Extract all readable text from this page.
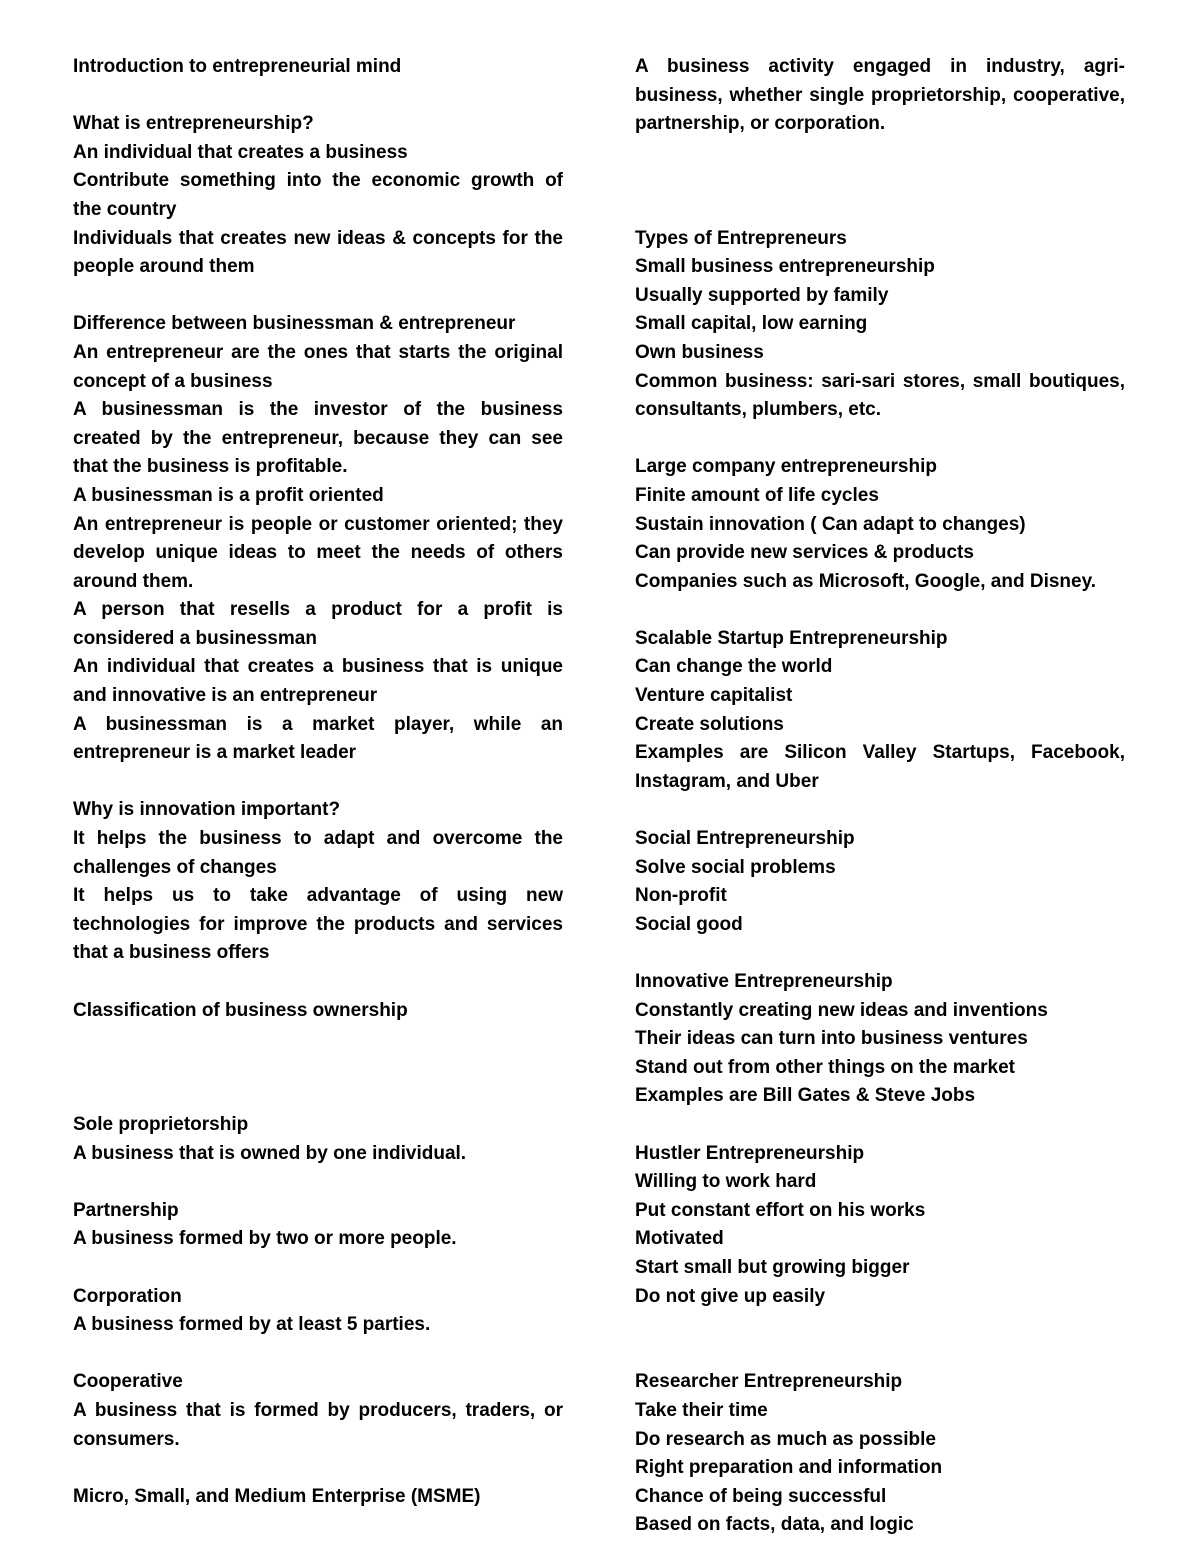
Introduction to entrepreneurial mind
What is entrepreneurship?
An individual that creates a business
Contribute something into the economic growth of the country
Individuals that creates new ideas & concepts for the people around them
Difference between businessman & entrepreneur
An entrepreneur are the ones that starts the original concept of a business
A businessman is the investor of the business created by the entrepreneur, because they can see that the business is profitable.
A businessman is a profit oriented
An entrepreneur is people or customer oriented; they develop unique ideas to meet the needs of others around them.
A person that resells a product for a profit is considered a businessman
An individual that creates a business that is unique and innovative is an entrepreneur
A businessman is a market player, while an entrepreneur is a market leader
Why is innovation important?
It helps the business to adapt and overcome the challenges of changes
It helps us to take advantage of using new technologies for improve the products and services that a business offers
Classification of business ownership
Sole proprietorship
A business that is owned by one individual.
Partnership
A business formed by two or more people.
Corporation
A business formed by at least 5 parties.
Cooperative
A business that is formed by producers, traders, or consumers.
Micro, Small, and Medium Enterprise (MSME)
A business activity engaged in industry, agri-business, whether single proprietorship, cooperative, partnership, or corporation.
Types of Entrepreneurs
Small business entrepreneurship
Usually supported by family
Small capital, low earning
Own business
Common business: sari-sari stores, small boutiques, consultants, plumbers, etc.
Large company entrepreneurship
Finite amount of life cycles
Sustain innovation ( Can adapt to changes)
Can provide new services & products
Companies such as Microsoft, Google, and Disney.
Scalable Startup Entrepreneurship
Can change the world
Venture capitalist
Create solutions
Examples are Silicon Valley Startups, Facebook, Instagram, and Uber
Social Entrepreneurship
Solve social problems
Non-profit
Social good
Innovative Entrepreneurship
Constantly creating new ideas and inventions
Their ideas can turn into business ventures
Stand out from other things on the market
Examples are Bill Gates & Steve Jobs
Hustler Entrepreneurship
Willing to work hard
Put constant effort on his works
Motivated
Start small but growing bigger
Do not give up easily
Researcher Entrepreneurship
Take their time
Do research as much as possible
Right preparation and information
Chance of being successful
Based on facts, data, and logic
